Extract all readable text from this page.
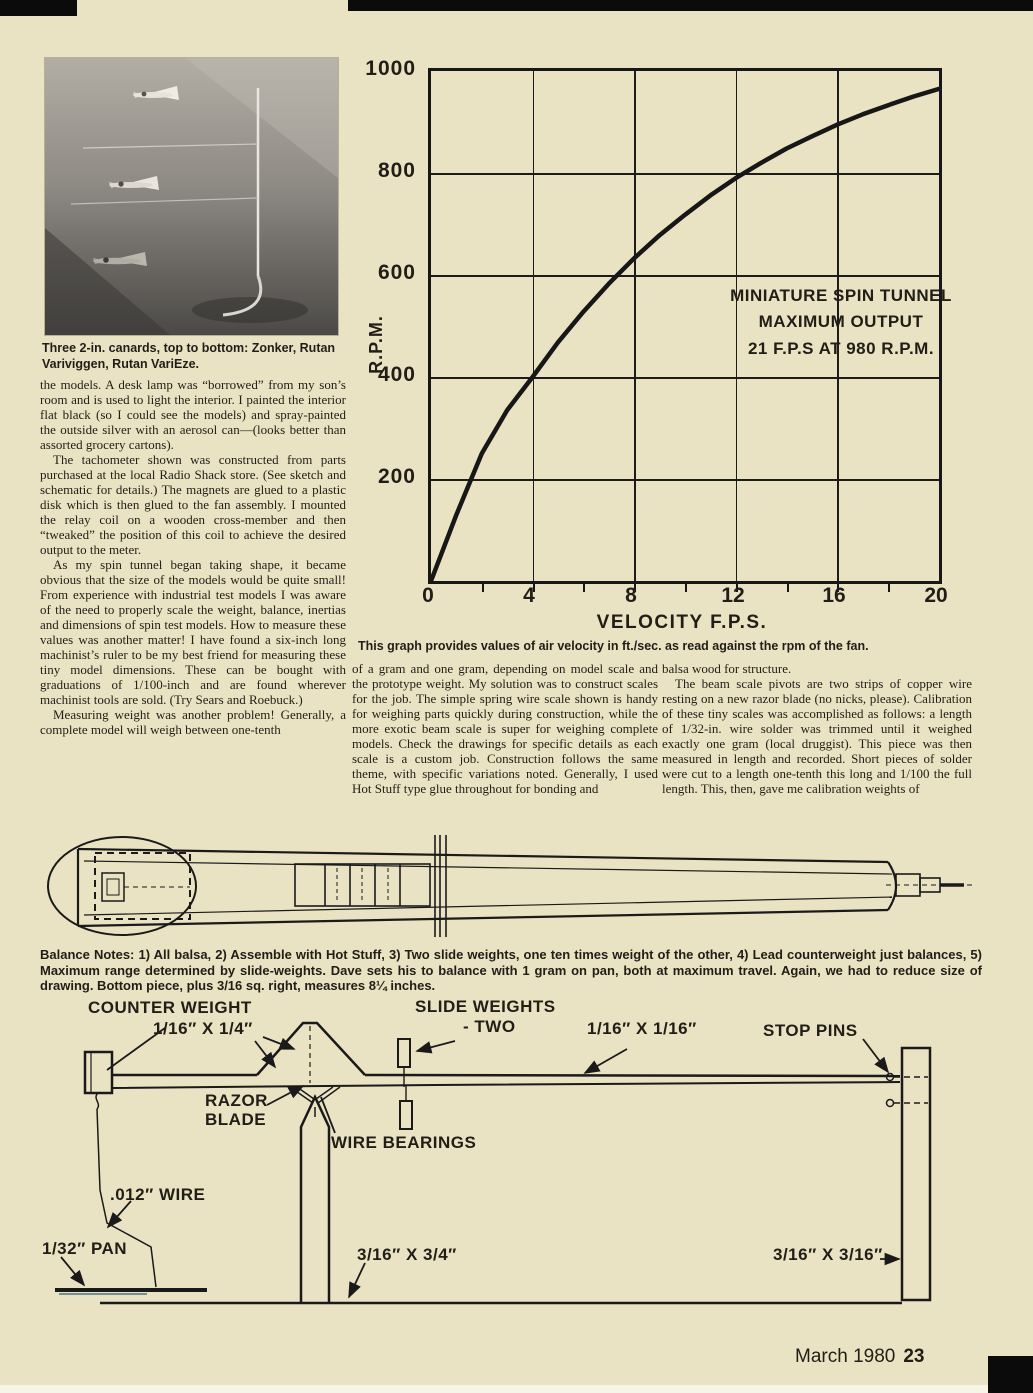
Three 2-in. canards, top to bottom: Zonker, Rutan Variviggen, Rutan VariEze.

the models. A desk lamp was “borrowed” from my son’s room and is used to light the interior. I painted the interior flat black (so I could see the models) and spray-painted the outside silver with an aerosol can—(looks better than assorted grocery cartons).

The tachometer shown was constructed from parts purchased at the local Radio Shack store. (See sketch and schematic for details.) The magnets are glued to a plastic disk which is then glued to the fan assembly. I mounted the relay coil on a wooden cross-member and then “tweaked” the position of this coil to achieve the desired output to the meter.

As my spin tunnel began taking shape, it became obvious that the size of the models would be quite small! From experience with industrial test models I was aware of the need to properly scale the weight, balance, inertias and dimensions of spin test models. How to measure these values was another matter! I have found a six-inch long machinist’s ruler to be my best friend for measuring these tiny model dimensions. These can be bought with graduations of 1/100-inch and are found wherever machinist tools are sold. (Try Sears and Roebuck.)

Measuring weight was another problem! Generally, a complete model will weigh between one-tenth

R.P.M.
1000
800
600
400
200
MINIATURE SPIN TUNNEL
MAXIMUM OUTPUT
21 F.P.S AT 980 R.P.M.
0	4	8	12	16	20
VELOCITY F.P.S.
This graph provides values of air velocity in ft./sec. as read against the rpm of the fan.

of a gram and one gram, depending on model scale and the prototype weight. My solution was to construct scales for the job. The simple spring wire scale shown is handy for weighing parts quickly during construction, while the more exotic beam scale is super for weighing complete models. Check the drawings for specific details as each scale is a custom job. Construction follows the same theme, with specific variations noted. Generally, I used Hot Stuff type glue throughout for bonding and

balsa wood for structure.

The beam scale pivots are two strips of copper wire resting on a new razor blade (no nicks, please). Calibration of these tiny scales was accomplished as follows: a length of 1/32-in. wire solder was trimmed until it weighed exactly one gram (local druggist). This piece was then measured in length and recorded. Short pieces of solder were cut to a length one-tenth this long and 1/100 the full length. This, then, gave me calibration weights of

Balance Notes: 1) All balsa, 2) Assemble with Hot Stuff, 3) Two slide weights, one ten times weight of the other, 4) Lead counterweight just balances, 5) Maximum range determined by slide-weights. Dave sets his to balance with 1 gram on pan, both at maximum travel. Again, we had to reduce size of drawing. Bottom piece, plus 3/16 sq. right, measures 8¼ inches.
COUNTER WEIGHT
1/16″ X 1/4″
SLIDE WEIGHTS
- TWO	1/16″ X 1/16″	STOP PINS
RAZOR
BLADE
WIRE BEARINGS
.012″ WIRE
1/32″ PAN	3/16″ X 3/4″	3/16″ X 3/16″
March 1980 23
